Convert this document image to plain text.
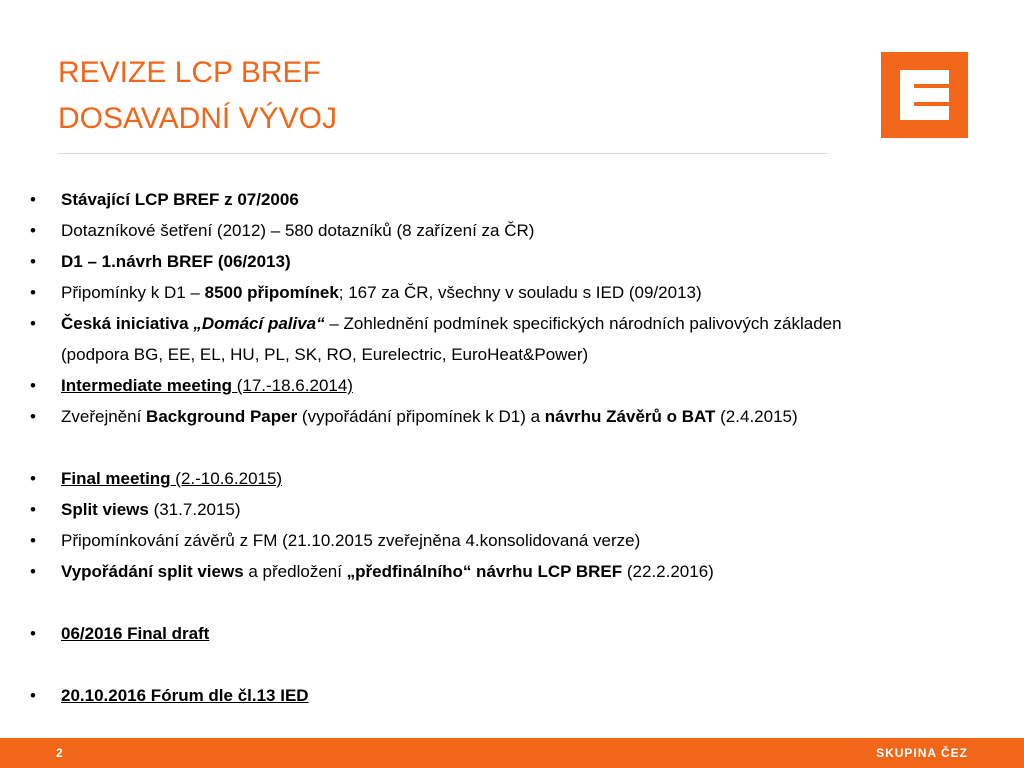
REVIZE LCP BREF
DOSAVADNÍ VÝVOJ
• Stávající LCP BREF z 07/2006
• Dotazníkové šetření (2012) – 580 dotazníků (8 zařízení za ČR)
• D1 – 1.návrh BREF (06/2013)
• Připomínky k D1 – 8500 připomínek; 167 za ČR, všechny v souladu s IED (09/2013)
• Česká iniciativa „Domácí paliva“ – Zohlednění podmínek specifických národních palivových základen
(podpora BG, EE, EL, HU, PL, SK, RO, Eurelectric, EuroHeat&Power)
• Intermediate meeting (17.-18.6.2014)
• Zveřejnění Background Paper (vypořádání připomínek k D1) a návrhu Závěrů o BAT (2.4.2015)
• Final meeting (2.-10.6.2015)
• Split views (31.7.2015)
• Připomínkování závěrů z FM (21.10.2015 zveřejněna 4.konsolidovaná verze)
• Vypořádání split views a předložení „předfinálního“ návrhu LCP BREF (22.2.2016)
• 06/2016 Final draft
• 20.10.2016 Fórum dle čl.13 IED
2	SKUPINA ČEZ
